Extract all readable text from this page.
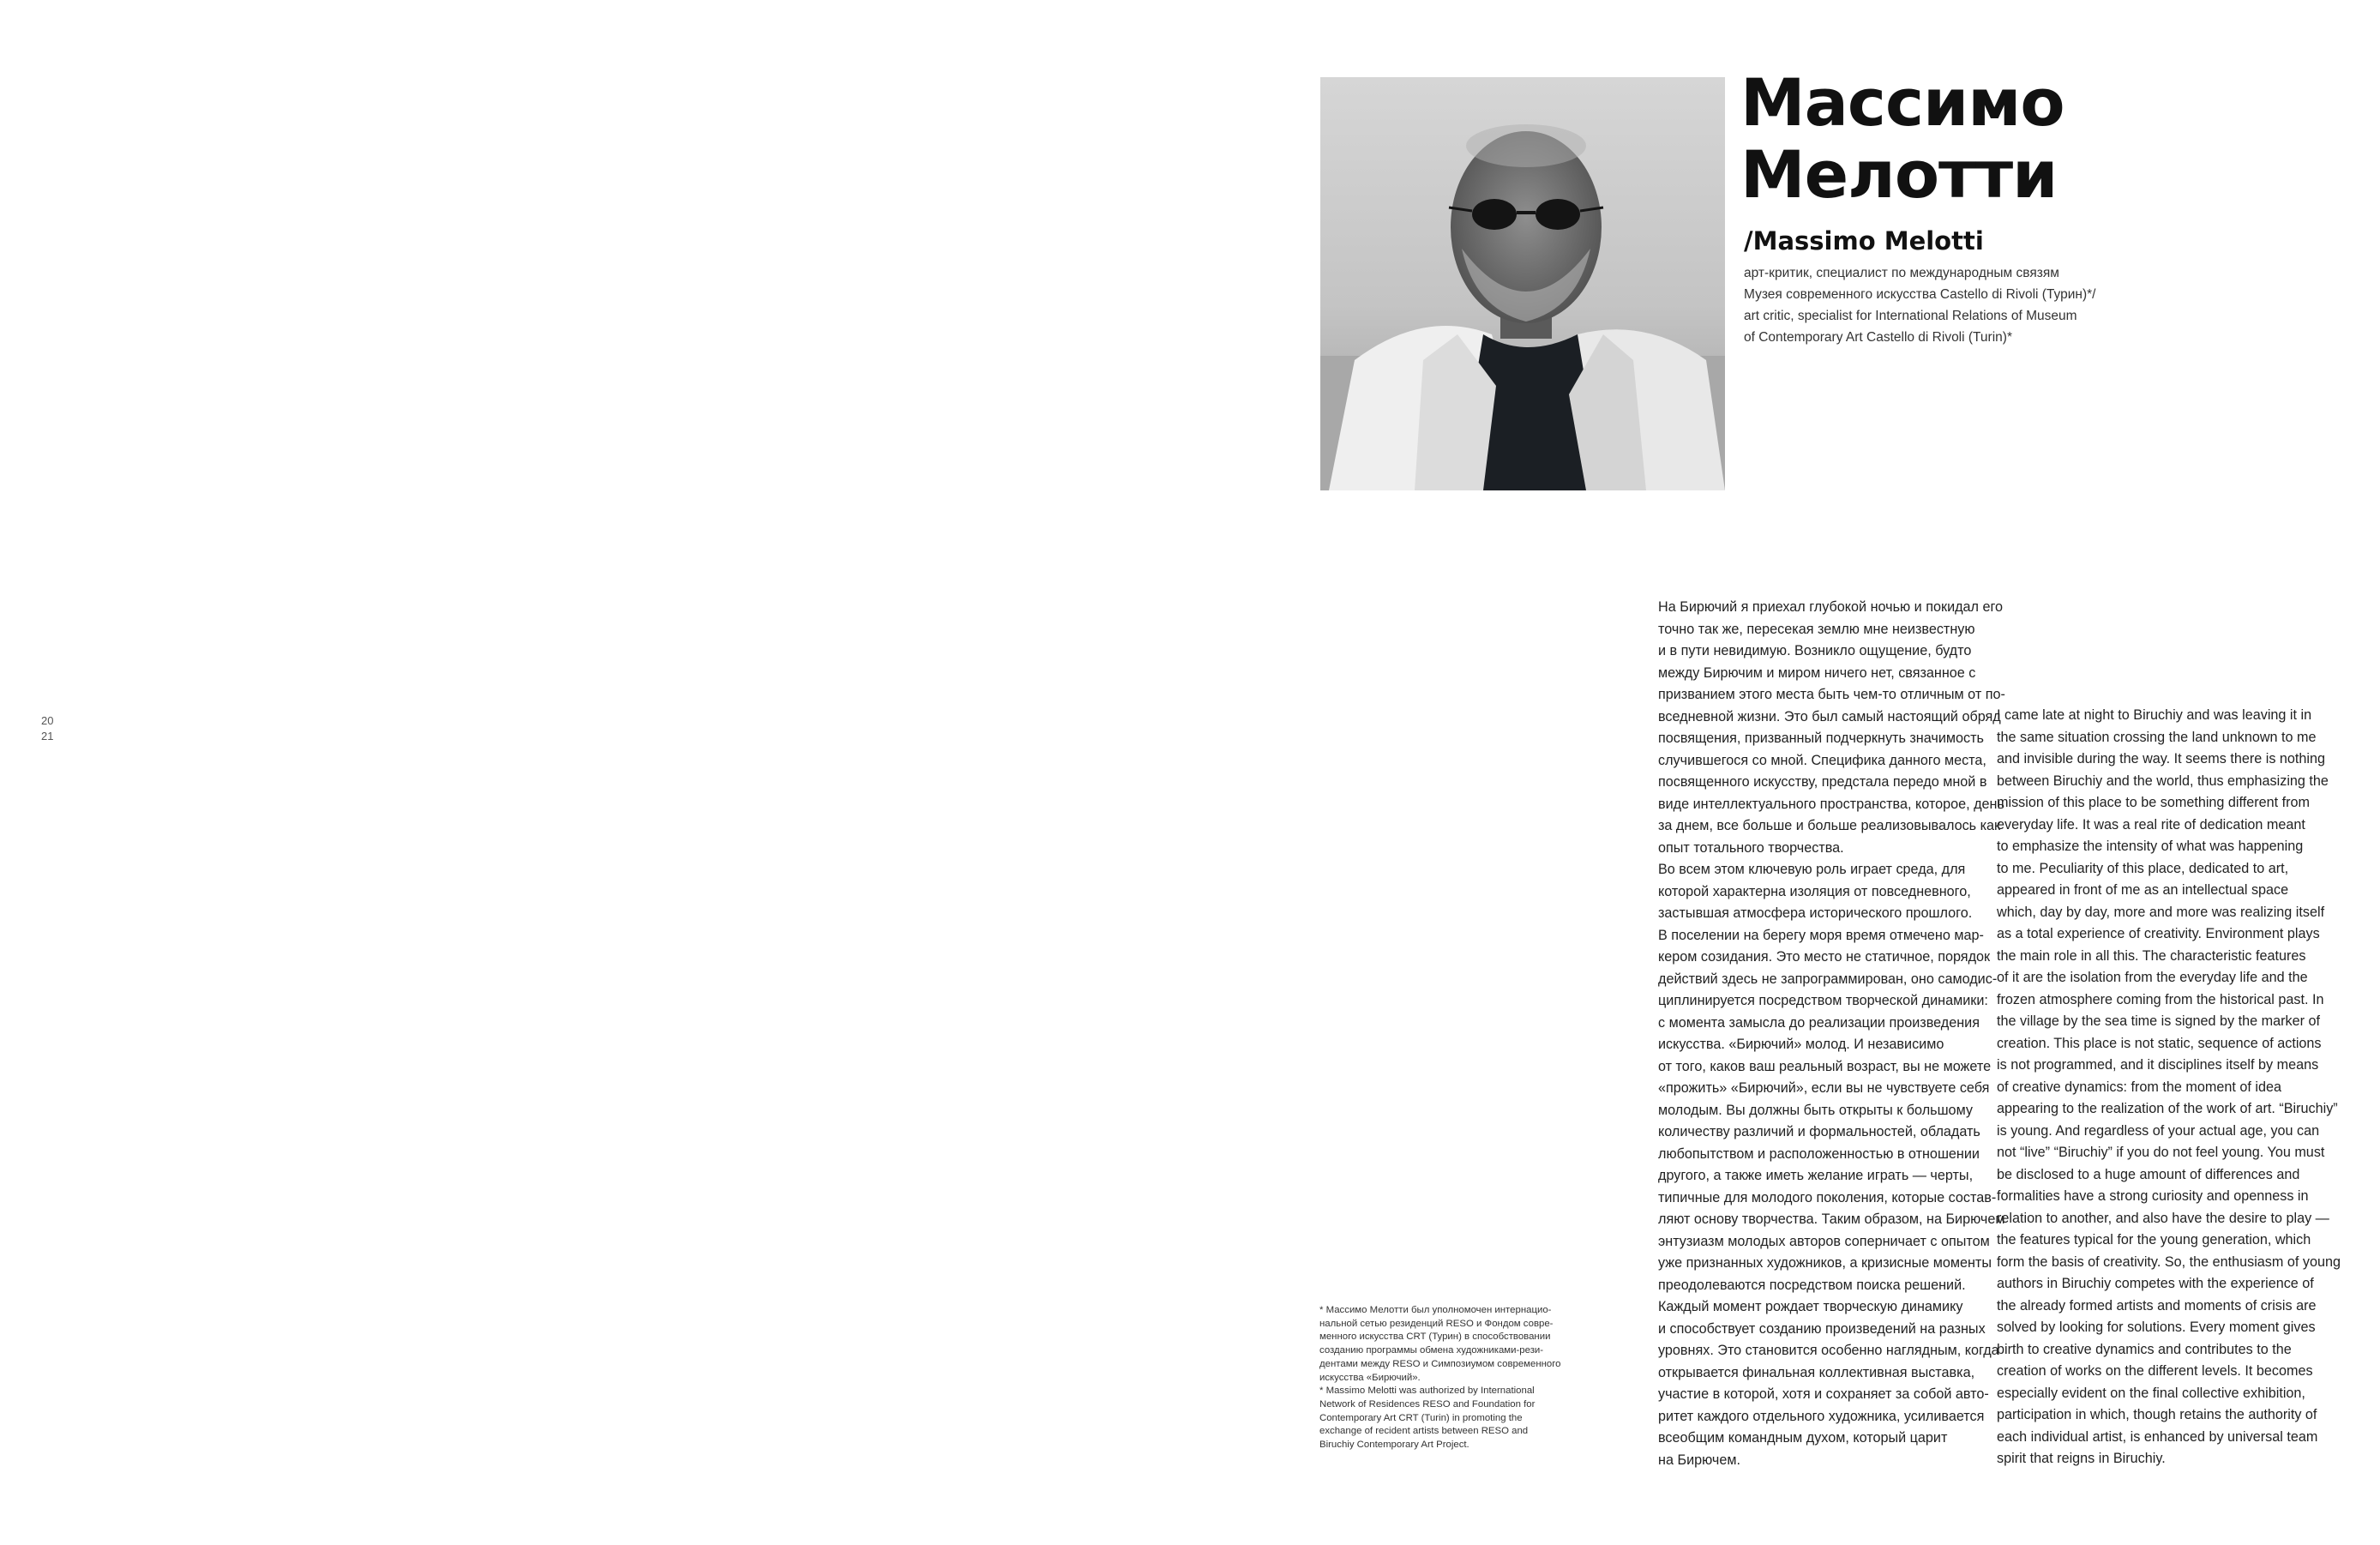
20
21
Массимо
Мелотти
/Massimo Melotti
арт-критик, специалист по международным связям
Музея современного искусства Castello di Rivoli (Турин)*/
art critic, specialist for International Relations of Museum
of Contemporary Art Castello di Rivoli (Turin)*
На Бирючий я приехал глубокой ночью и покидал его
точно так же, пересекая землю мне неизвестную
и в пути невидимую. Возникло ощущение, будто
между Бирючим и миром ничего нет, связанное с
призванием этого места быть чем-то отличным от по-
вседневной жизни. Это был самый настоящий обряд
посвящения, призванный подчеркнуть значимость
случившегося со мной. Специфика данного места,
посвященного искусству, предстала передо мной в
виде интеллектуального пространства, которое, день
за днем, все больше и больше реализовывалось как
опыт тотального творчества.
Во всем этом ключевую роль играет среда, для
которой характерна изоляция от повседневного,
застывшая атмосфера исторического прошлого.
В поселении на берегу моря время отмечено мар-
кером созидания. Это место не статичное, порядок
действий здесь не запрограммирован, оно самодис-
циплинируется посредством творческой динамики:
с момента замысла до реализации произведения
искусства. «Бирючий» молод. И независимо
от того, каков ваш реальный возраст, вы не можете
«прожить» «Бирючий», если вы не чувствуете себя
молодым. Вы должны быть открыты к большому
количеству различий и формальностей, обладать
любопытством и расположенностью в отношении
другого, а также иметь желание играть — черты,
типичные для молодого поколения, которые состав-
ляют основу творчества. Таким образом, на Бирючем
энтузиазм молодых авторов соперничает с опытом
уже признанных художников, а кризисные моменты
преодолеваются посредством поиска решений.
Каждый момент рождает творческую динамику
и способствует созданию произведений на разных
уровнях. Это становится особенно наглядным, когда
открывается финальная коллективная выставка,
участие в которой, хотя и сохраняет за собой авто-
ритет каждого отдельного художника, усиливается
всеобщим командным духом, который царит
на Бирючем.
I came late at night to Biruchiy and was leaving it in
the same situation crossing the land unknown to me
and invisible during the way. It seems there is nothing
between Biruchiy and the world, thus emphasizing the
mission of this place to be something different from
everyday life. It was a real rite of dedication meant
to emphasize the intensity of what was happening
to me. Peculiarity of this place, dedicated to art,
appeared in front of me as an intellectual space
which, day by day, more and more was realizing itself
as a total experience of creativity. Environment plays
the main role in all this. The characteristic features
of it are the isolation from the everyday life and the
frozen atmosphere coming from the historical past. In
the village by the sea time is signed by the marker of
creation. This place is not static, sequence of actions
is not programmed, and it disciplines itself by means
of creative dynamics: from the moment of idea
appearing to the realization of the work of art. “Biruchiy”
is young. And regardless of your actual age, you can
not “live” “Biruchiy” if you do not feel young. You must
be disclosed to a huge amount of differences and
formalities have a strong curiosity and openness in
relation to another, and also have the desire to play —
the features typical for the young generation, which
form the basis of creativity. So, the enthusiasm of young
authors in Biruchiy competes with the experience of
the already formed artists and moments of crisis are
solved by looking for solutions. Every moment gives
birth to creative dynamics and contributes to the
creation of works on the different levels. It becomes
especially evident on the final collective exhibition,
participation in which, though retains the authority of
each individual artist, is enhanced by universal team
spirit that reigns in Biruchiy.
* Массимо Мелотти был уполномочен интернацио-
нальной сетью резиденций RESO и Фондом совре-
менного искусства CRT (Турин) в способствовании
созданию программы обмена художниками-рези-
дентами между RESO и Симпозиумом современного
искусства «Бирючий».
* Massimo Melotti was authorized by International
Network of Residences RESO and Foundation for
Contemporary Art CRT (Turin) in promoting the
exchange of recident artists between RESO and
Biruchiy Contemporary Art Project.
